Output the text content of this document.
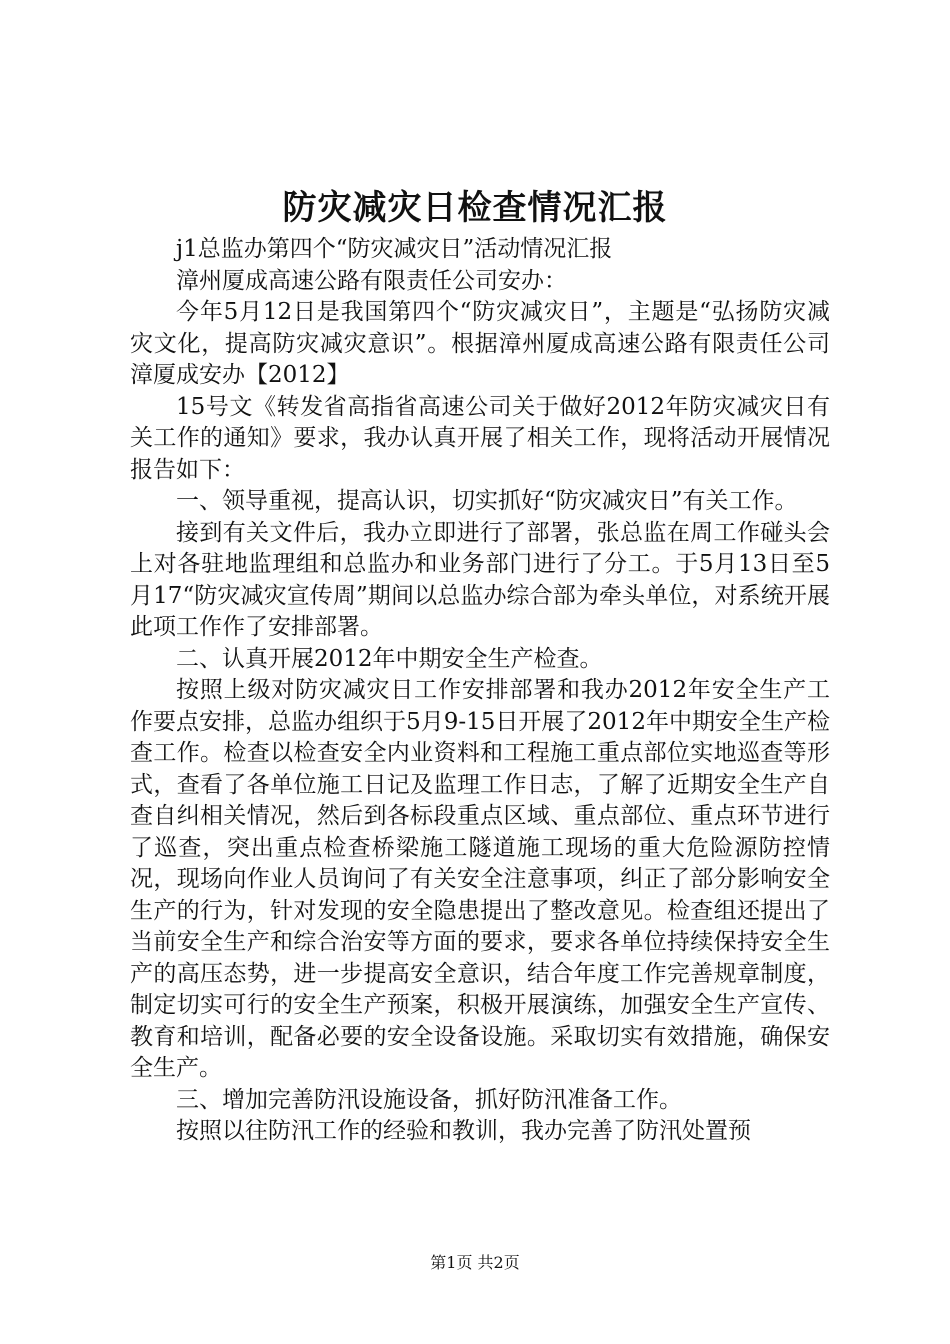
防灾减灾日检查情况汇报

j1总监办第四个“防灾减灾日”活动情况汇报

漳州厦成高速公路有限责任公司安办：

今年5月12日是我国第四个“防灾减灾日”，主题是“弘扬防灾减灾文化，提高防灾减灾意识”。根据漳州厦成高速公路有限责任公司漳厦成安办【2012】

15号文《转发省高指省高速公司关于做好2012年防灾减灾日有关工作的通知》要求，我办认真开展了相关工作，现将活动开展情况报告如下：

一、领导重视，提高认识，切实抓好“防灾减灾日”有关工作。

接到有关文件后，我办立即进行了部署，张总监在周工作碰头会上对各驻地监理组和总监办和业务部门进行了分工。于5月13日至5月17“防灾减灾宣传周”期间以总监办综合部为牵头单位，对系统开展此项工作作了安排部署。

二、认真开展2012年中期安全生产检查。

按照上级对防灾减灾日工作安排部署和我办2012年安全生产工作要点安排，总监办组织于5月9-15日开展了2012年中期安全生产检查工作。检查以检查安全内业资料和工程施工重点部位实地巡查等形式，查看了各单位施工日记及监理工作日志，了解了近期安全生产自查自纠相关情况，然后到各标段重点区域、重点部位、重点环节进行了巡查，突出重点检查桥梁施工隧道施工现场的重大危险源防控情况，现场向作业人员询问了有关安全注意事项，纠正了部分影响安全生产的行为，针对发现的安全隐患提出了整改意见。检查组还提出了当前安全生产和综合治安等方面的要求，要求各单位持续保持安全生产的高压态势，进一步提高安全意识，结合年度工作完善规章制度，制定切实可行的安全生产预案，积极开展演练，加强安全生产宣传、教育和培训，配备必要的安全设备设施。采取切实有效措施，确保安全生产。

三、增加完善防汛设施设备，抓好防汛准备工作。

按照以往防汛工作的经验和教训，我办完善了防汛处置预

第1页 共2页
